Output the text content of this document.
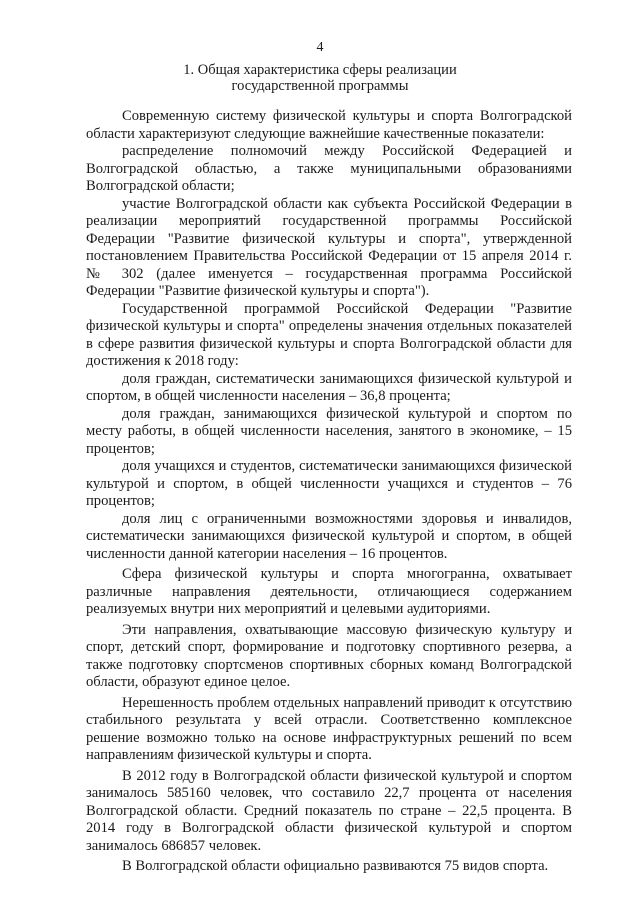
4
1. Общая характеристика сферы реализации
государственной программы

Современную систему физической культуры и спорта Волгоградской области характеризуют следующие важнейшие качественные показатели:

распределение полномочий между Российской Федерацией и Волгоградской областью, а также муниципальными образованиями Волгоградской области;

участие Волгоградской области как субъекта Российской Федерации в реализации мероприятий государственной программы Российской Федерации "Развитие физической культуры и спорта", утвержденной постановлением Правительства Российской Федерации от 15 апреля 2014 г. № 302 (далее именуется – государственная программа Российской Федерации "Развитие физической культуры и спорта").

Государственной программой Российской Федерации "Развитие физической культуры и спорта" определены значения отдельных показателей в сфере развития физической культуры и спорта Волгоградской области для достижения к 2018 году:

доля граждан, систематически занимающихся физической культурой и спортом, в общей численности населения – 36,8 процента;

доля граждан, занимающихся физической культурой и спортом по месту работы, в общей численности населения, занятого в экономике, – 15 процентов;

доля учащихся и студентов, систематически занимающихся физической культурой и спортом, в общей численности учащихся и студентов – 76 процентов;

доля лиц с ограниченными возможностями здоровья и инвалидов, систематически занимающихся физической культурой и спортом, в общей численности данной категории населения – 16 процентов.

Сфера физической культуры и спорта многогранна, охватывает различные направления деятельности, отличающиеся содержанием реализуемых внутри них мероприятий и целевыми аудиториями.

Эти направления, охватывающие массовую физическую культуру и спорт, детский спорт, формирование и подготовку спортивного резерва, а также подготовку спортсменов спортивных сборных команд Волгоградской области, образуют единое целое.

Нерешенность проблем отдельных направлений приводит к отсутствию стабильного результата у всей отрасли. Соответственно комплексное решение возможно только на основе инфраструктурных решений по всем направлениям физической культуры и спорта.

В 2012 году в Волгоградской области физической культурой и спортом занималось 585160 человек, что составило 22,7 процента от населения Волгоградской области. Средний показатель по стране – 22,5 процента. В 2014 году в Волгоградской области физической культурой и спортом занималось 686857 человек.

В Волгоградской области официально развиваются 75 видов спорта.
